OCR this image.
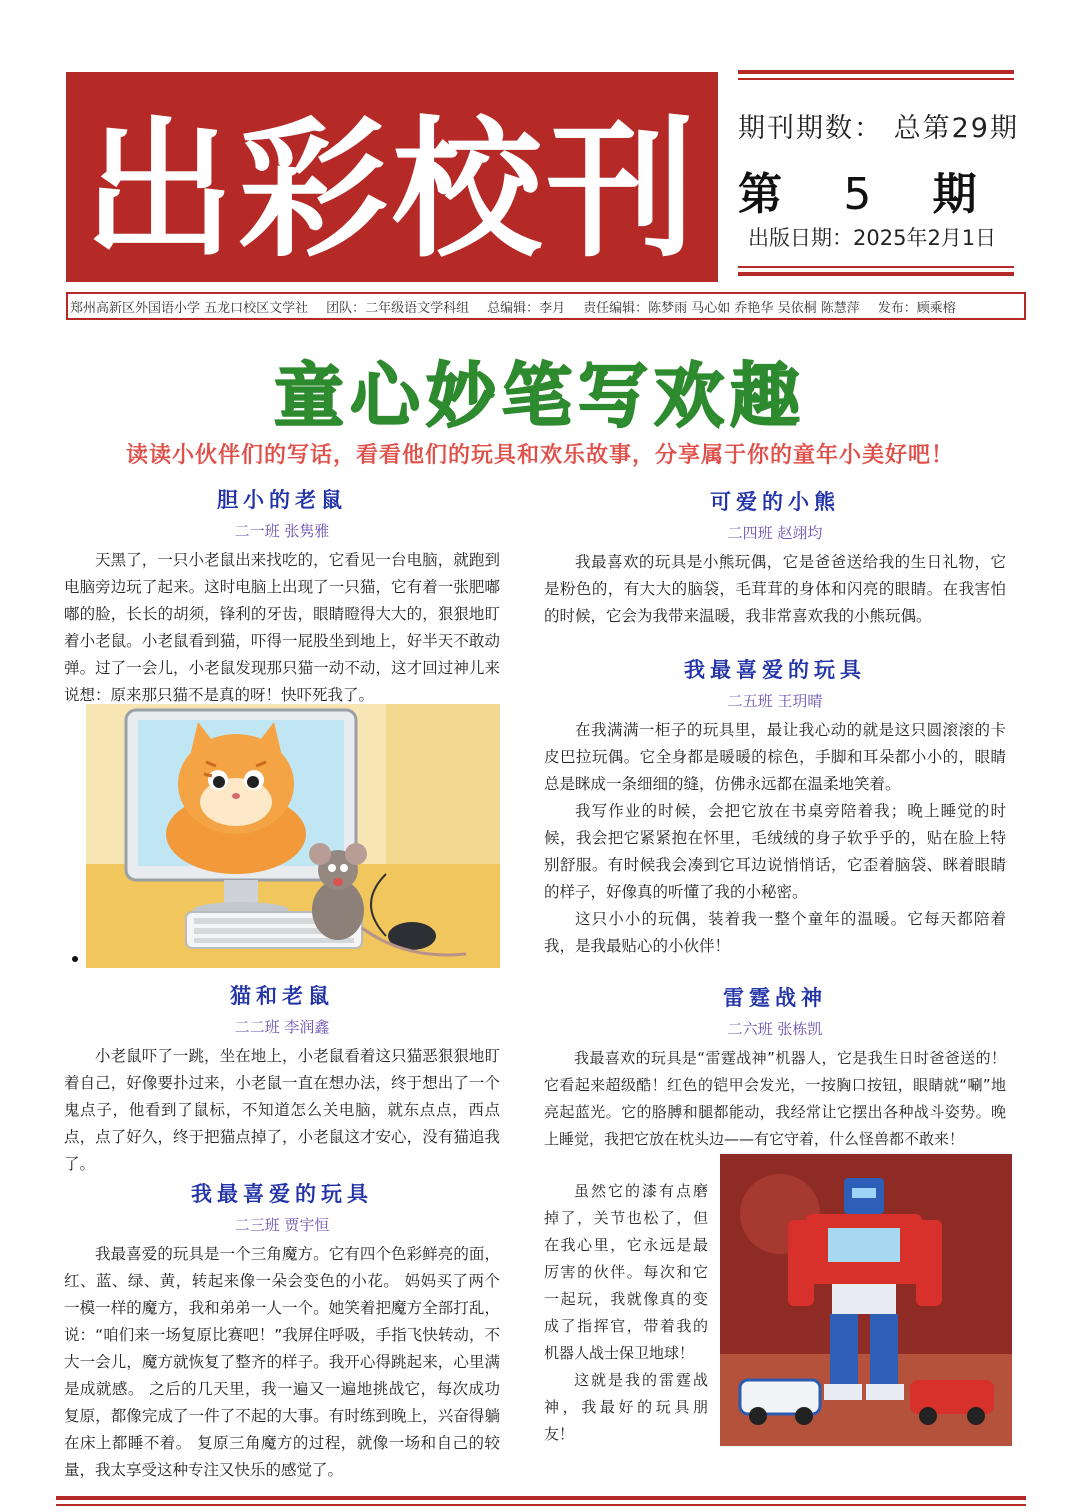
出彩校刊	期刊期数： 总第29期
第 5 期
出版日期：2025年2月1日
郑州高新区外国语小学 五龙口校区文学社 团队：二年级语文学科组 总编辑：李月 责任编辑：陈梦雨 马心如 乔艳华 吴依桐 陈慧萍 发布：顾乘榕
童心妙笔写欢趣
读读小伙伴们的写话，看看他们的玩具和欢乐故事，分享属于你的童年小美好吧！
胆小的老鼠
二一班 张隽雅

天黑了，一只小老鼠出来找吃的，它看见一台电脑，就跑到电脑旁边玩了起来。这时电脑上出现了一只猫，它有着一张肥嘟嘟的脸，长长的胡须，锋利的牙齿，眼睛瞪得大大的，狠狠地盯着小老鼠。小老鼠看到猫，吓得一屁股坐到地上，好半天不敢动弹。过了一会儿，小老鼠发现那只猫一动不动，这才回过神儿来说想：原来那只猫不是真的呀！快吓死我了。

猫和老鼠
二二班 李润鑫

小老鼠吓了一跳，坐在地上，小老鼠看着这只猫恶狠狠地盯着自己，好像要扑过来，小老鼠一直在想办法，终于想出了一个鬼点子，他看到了鼠标，不知道怎么关电脑，就东点点，西点点，点了好久，终于把猫点掉了，小老鼠这才安心，没有猫追我了。

我最喜爱的玩具
二三班 贾宇恒

我最喜爱的玩具是一个三角魔方。它有四个色彩鲜亮的面，红、蓝、绿、黄，转起来像一朵会变色的小花。 妈妈买了两个一模一样的魔方，我和弟弟一人一个。她笑着把魔方全部打乱，说：“咱们来一场复原比赛吧！”我屏住呼吸，手指飞快转动，不大一会儿，魔方就恢复了整齐的样子。我开心得跳起来，心里满是成就感。 之后的几天里，我一遍又一遍地挑战它，每次成功复原，都像完成了一件了不起的大事。有时练到晚上，兴奋得躺在床上都睡不着。 复原三角魔方的过程，就像一场和自己的较量，我太享受这种专注又快乐的感觉了。

可爱的小熊
二四班 赵翊均

我最喜欢的玩具是小熊玩偶，它是爸爸送给我的生日礼物，它是粉色的，有大大的脑袋，毛茸茸的身体和闪亮的眼睛。在我害怕的时候，它会为我带来温暖，我非常喜欢我的小熊玩偶。

我最喜爱的玩具
二五班 王玥晴

在我满满一柜子的玩具里，最让我心动的就是这只圆滚滚的卡皮巴拉玩偶。它全身都是暖暖的棕色，手脚和耳朵都小小的，眼睛总是眯成一条细细的缝，仿佛永远都在温柔地笑着。

我写作业的时候，会把它放在书桌旁陪着我；晚上睡觉的时候，我会把它紧紧抱在怀里，毛绒绒的身子软乎乎的，贴在脸上特别舒服。有时候我会凑到它耳边说悄悄话，它歪着脑袋、眯着眼睛的样子，好像真的听懂了我的小秘密。

这只小小的玩偶，装着我一整个童年的温暖。它每天都陪着我，是我最贴心的小伙伴！

雷霆战神
二六班 张栋凯

我最喜欢的玩具是“雷霆战神”机器人，它是我生日时爸爸送的！它看起来超级酷！红色的铠甲会发光，一按胸口按钮，眼睛就“唰”地亮起蓝光。它的胳膊和腿都能动，我经常让它摆出各种战斗姿势。晚上睡觉，我把它放在枕头边——有它守着，什么怪兽都不敢来！

虽然它的漆有点磨掉了，关节也松了，但在我心里，它永远是最厉害的伙伴。每次和它一起玩，我就像真的变成了指挥官，带着我的机器人战士保卫地球！

这就是我的雷霆战神，我最好的玩具朋友！
